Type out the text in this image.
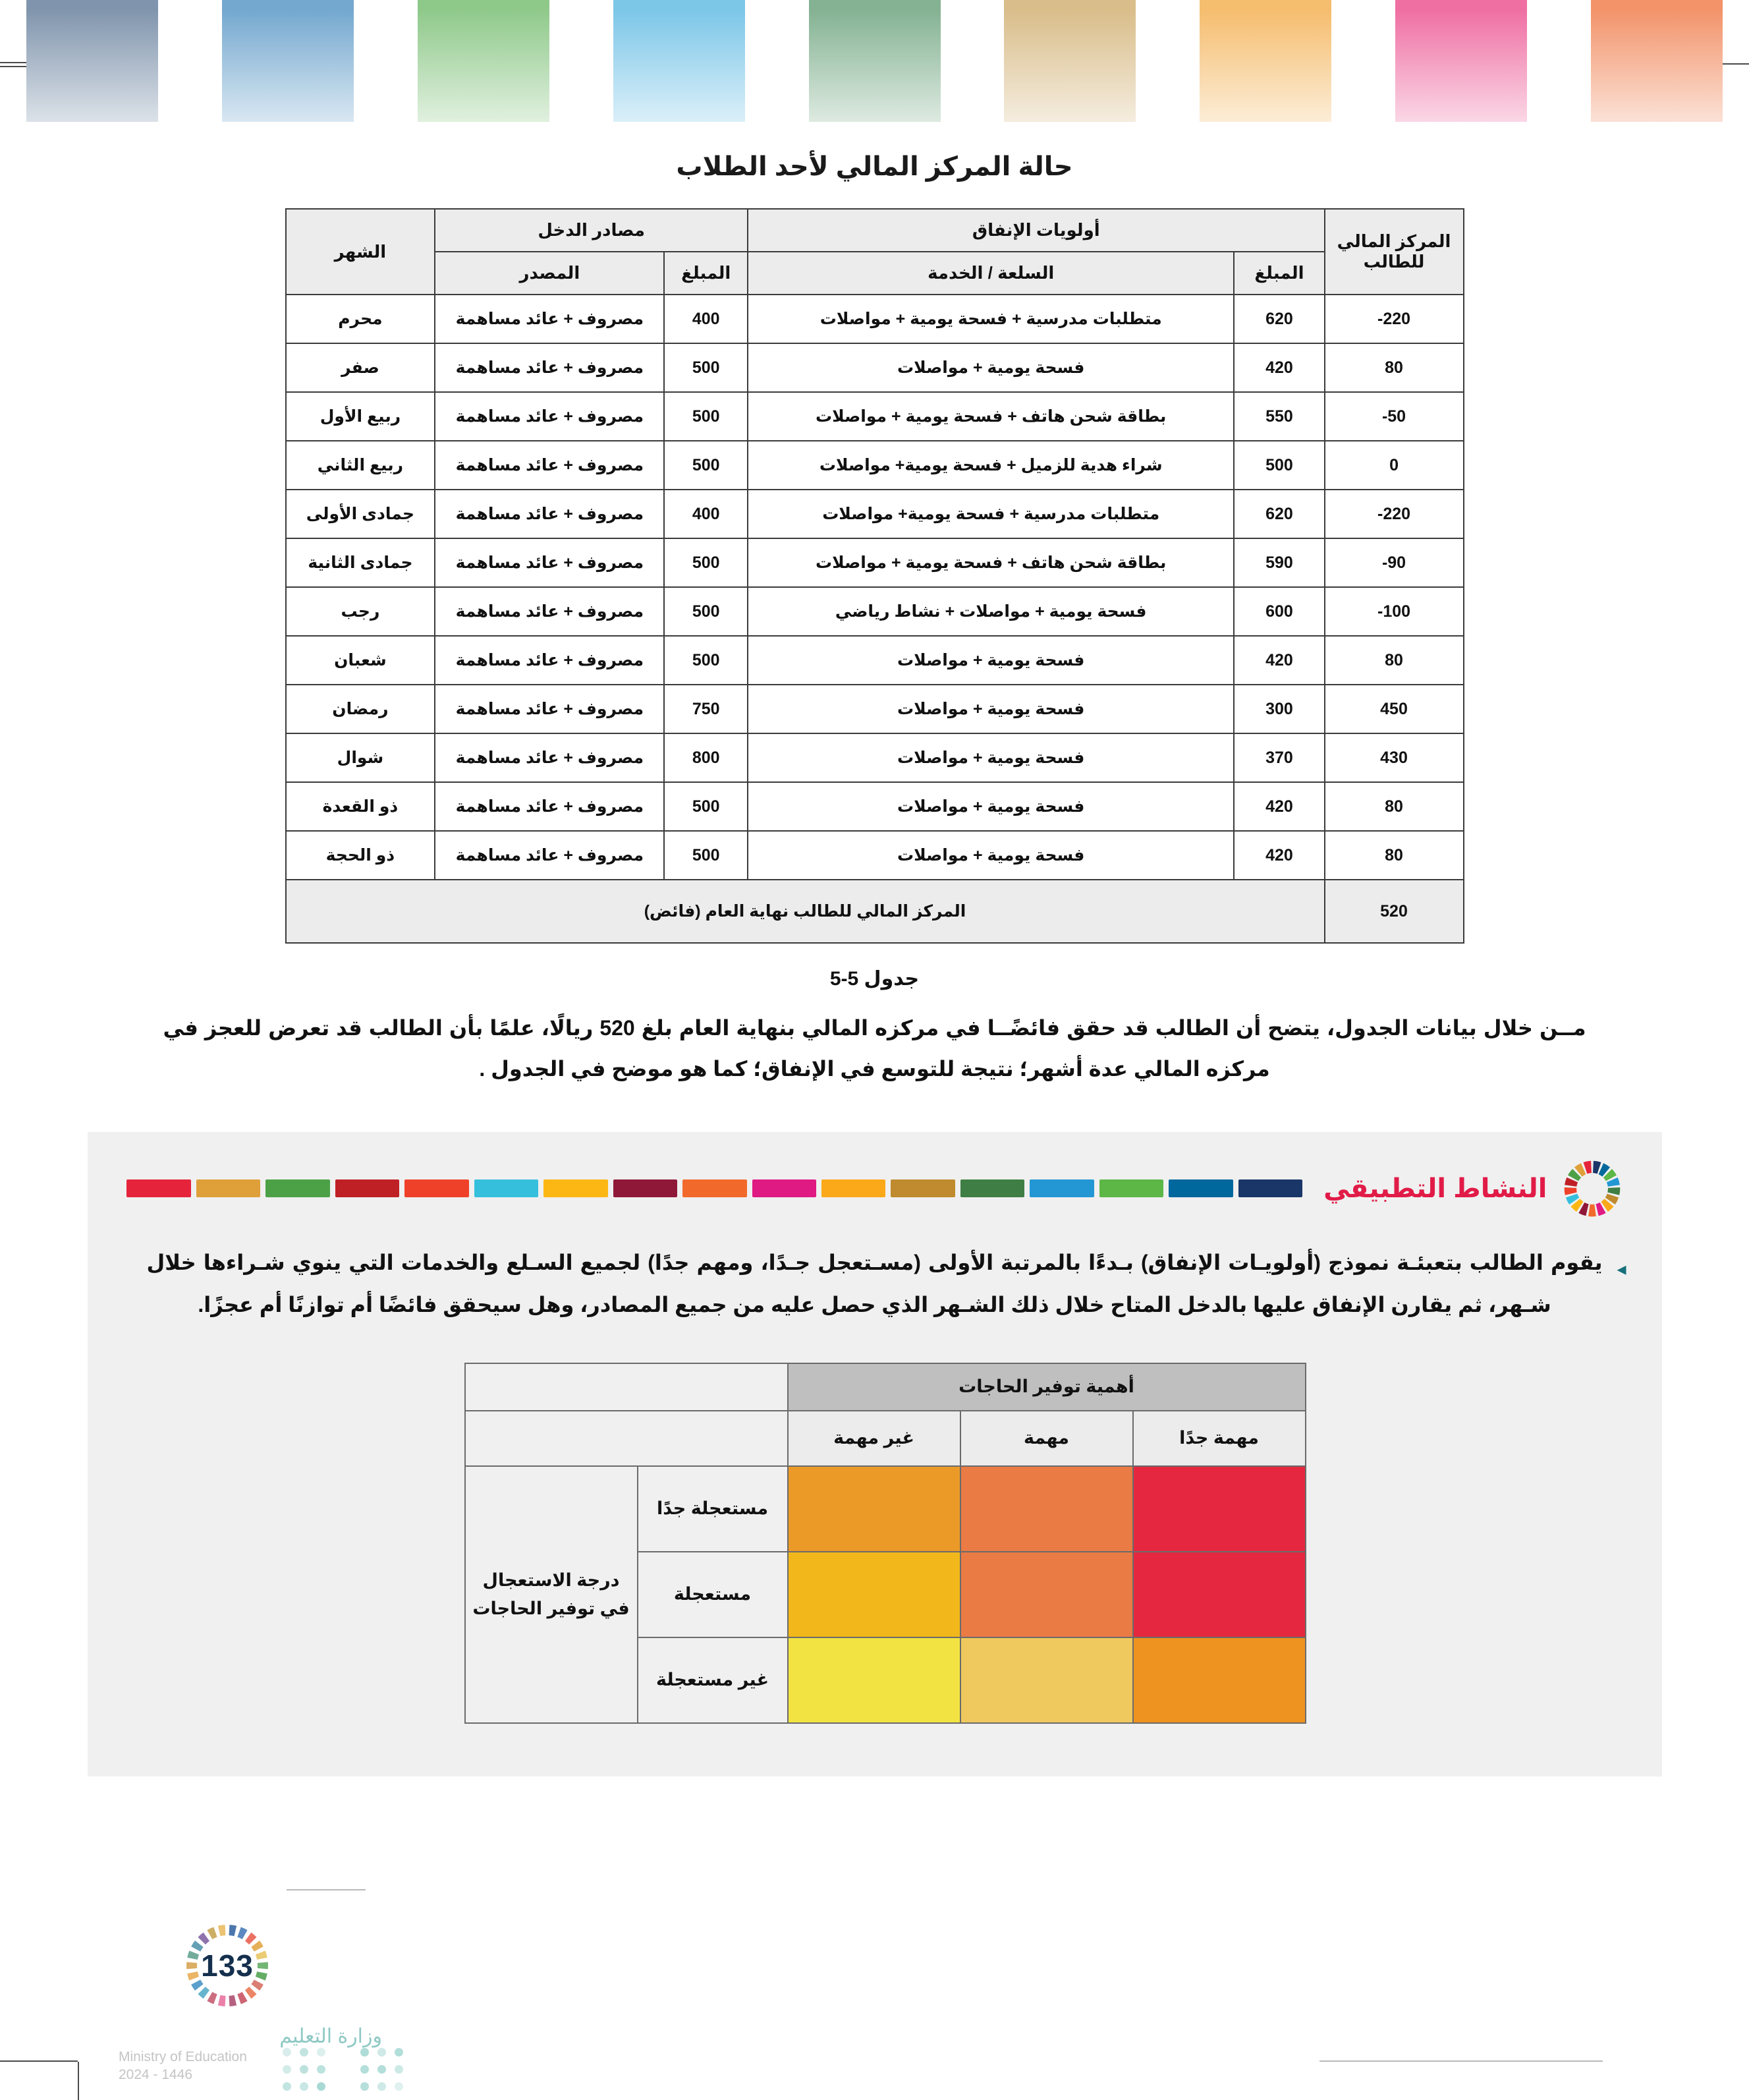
حالة المركز المالي لأحد الطلاب
المركز المالي
للطالب	أولويات الإنفاق		مصادر الدخل		الشهر
	المبلغ	السلعة / الخدمة	المبلغ	المصدر	
220-	620	متطلبات مدرسية + فسحة يومية + مواصلات	400	مصروف + عائد مساهمة	محرم
80	420	فسحة يومية + مواصلات	500	مصروف + عائد مساهمة	صفر
50-	550	بطاقة شحن هاتف + فسحة يومية + مواصلات	500	مصروف + عائد مساهمة	ربيع الأول
0	500	شراء هدية للزميل + فسحة يومية+ مواصلات	500	مصروف + عائد مساهمة	ربيع الثاني
220-	620	متطلبات مدرسية + فسحة يومية+ مواصلات	400	مصروف + عائد مساهمة	جمادى الأولى
90-	590	بطاقة شحن هاتف + فسحة يومية + مواصلات	500	مصروف + عائد مساهمة	جمادى الثانية
100-	600	فسحة يومية + مواصلات + نشاط رياضي	500	مصروف + عائد مساهمة	رجب
80	420	فسحة يومية + مواصلات	500	مصروف + عائد مساهمة	شعبان
450	300	فسحة يومية + مواصلات	750	مصروف + عائد مساهمة	رمضان
430	370	فسحة يومية + مواصلات	800	مصروف + عائد مساهمة	شوال
80	420	فسحة يومية + مواصلات	500	مصروف + عائد مساهمة	ذو القعدة
80	420	فسحة يومية + مواصلات	500	مصروف + عائد مساهمة	ذو الحجة
520	المركز المالي للطالب نهاية العام (فائض)				
جدول 5-5
مــن خلال بيانات الجدول، يتضح أن الطالب قد حقق فائضًــا في مركزه المالي بنهاية العام بلغ 520 ريالًا، علمًا بأن الطالب قد تعرض للعجز في مركزه المالي عدة أشهر؛ نتيجة للتوسع في الإنفاق؛ كما هو موضح في الجدول .
النشاط التطبيقي
◂
يقوم الطالب بتعبئـة نموذج (أولويـات الإنفاق) بـدءًا بالمرتبة الأولى (مسـتعجل جـدًا، ومهم جدًا) لجميع السـلع والخدمات التي ينوي شـراءها خلال شـهر، ثم يقارن الإنفاق عليها بالدخل المتاح خلال ذلك الشـهر الذي حصل عليه من جميع المصادر، وهل سيحقق فائضًا أم توازنًا أم عجزًا.
أهمية توفير الحاجات				
مهمة جدًا	مهمة	غير مهمة		
			مستعجلة جدًا	درجة الاستعجال في توفير الحاجات
			مستعجلة	
			غير مستعجلة	
133
وزارة التعليم
Ministry of Education
2024 - 1446
